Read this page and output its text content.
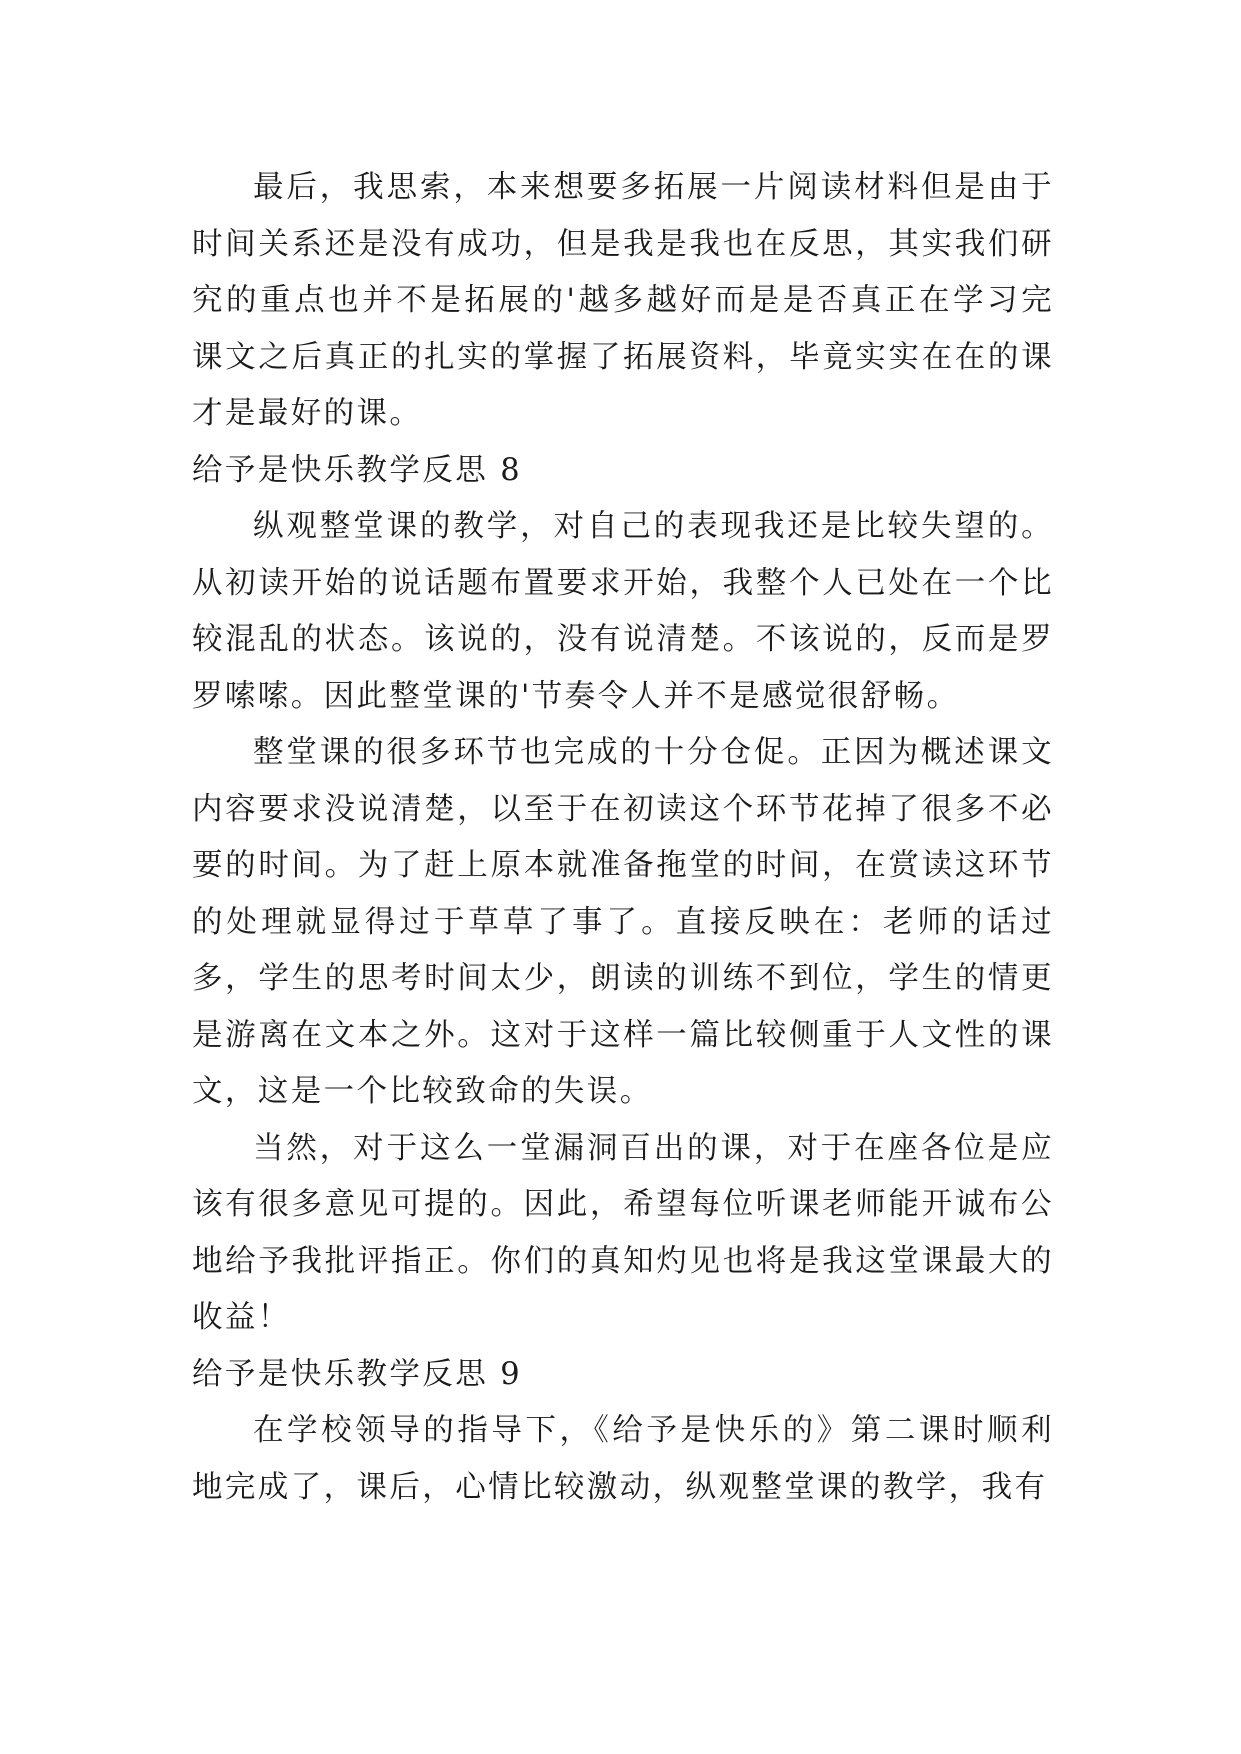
最后，我思索，本来想要多拓展一片阅读材料但是由于时间关系还是没有成功，但是我是我也在反思，其实我们研究的重点也并不是拓展的'越多越好而是是否真正在学习完课文之后真正的扎实的掌握了拓展资料，毕竟实实在在的课才是最好的课。

给予是快乐教学反思 8

纵观整堂课的教学，对自己的表现我还是比较失望的。从初读开始的说话题布置要求开始，我整个人已处在一个比较混乱的状态。该说的，没有说清楚。不该说的，反而是罗罗嗦嗦。因此整堂课的'节奏令人并不是感觉很舒畅。

整堂课的很多环节也完成的十分仓促。正因为概述课文内容要求没说清楚，以至于在初读这个环节花掉了很多不必要的时间。为了赶上原本就准备拖堂的时间，在赏读这环节的处理就显得过于草草了事了。直接反映在：老师的话过多，学生的思考时间太少，朗读的训练不到位，学生的情更是游离在文本之外。这对于这样一篇比较侧重于人文性的课文，这是一个比较致命的失误。

当然，对于这么一堂漏洞百出的课，对于在座各位是应该有很多意见可提的。因此，希望每位听课老师能开诚布公地给予我批评指正。你们的真知灼见也将是我这堂课最大的收益！

给予是快乐教学反思 9

在学校领导的指导下，《给予是快乐的》第二课时顺利地完成了，课后，心情比较激动，纵观整堂课的教学，我有
